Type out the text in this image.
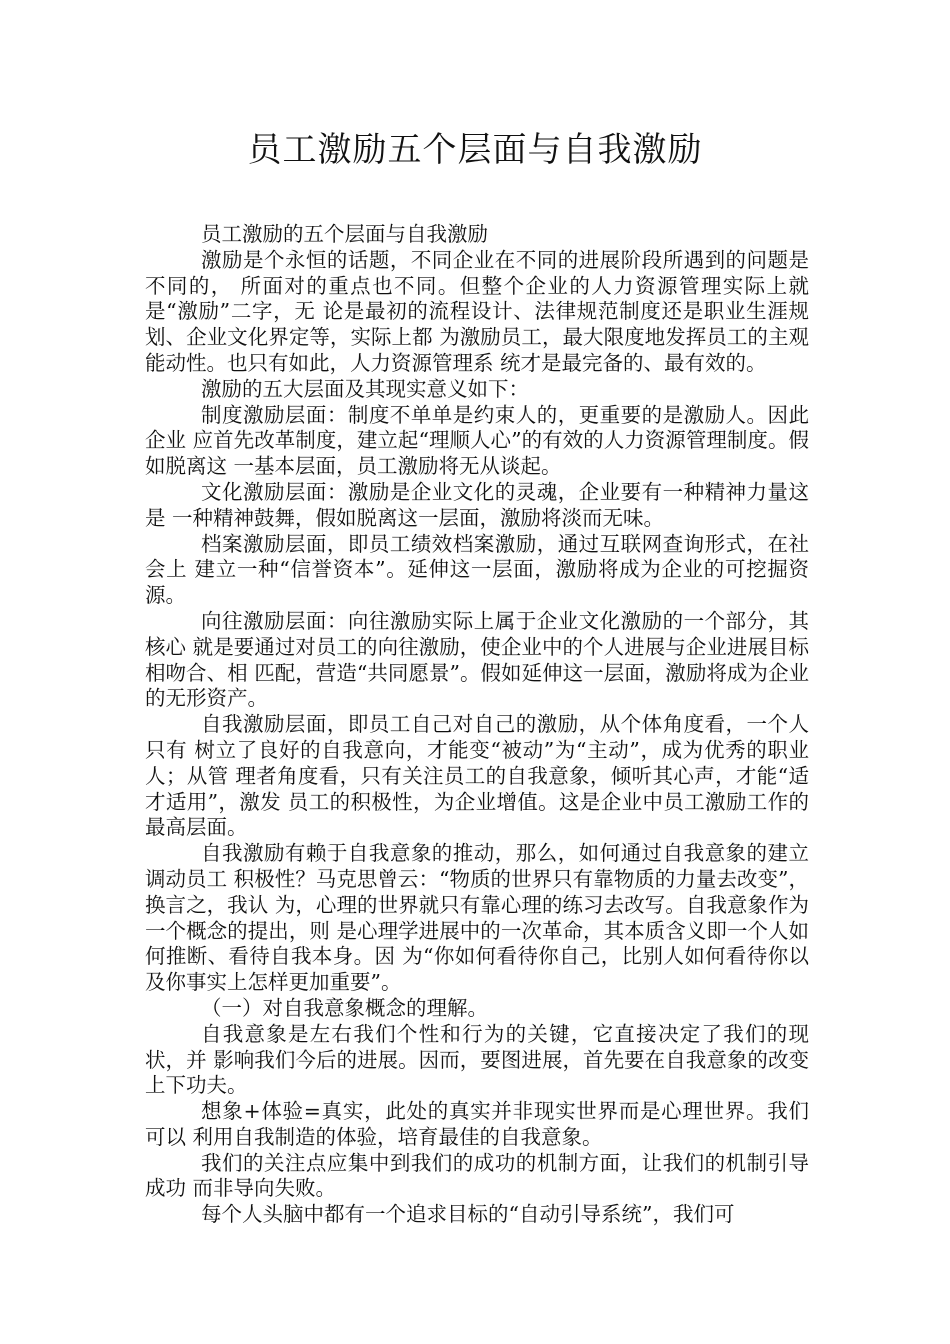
员工激励五个层面与自我激励

员工激励的五个层面与自我激励

激励是个永恒的话题，不同企业在不同的进展阶段所遇到的问题是不同的， 所面对的重点也不同。但整个企业的人力资源管理实际上就是“激励”二字，无 论是最初的流程设计、法律规范制度还是职业生涯规划、企业文化界定等，实际上都 为激励员工，最大限度地发挥员工的主观能动性。也只有如此，人力资源管理系 统才是最完备的、最有效的。

激励的五大层面及其现实意义如下：

制度激励层面：制度不单单是约束人的，更重要的是激励人。因此企业 应首先改革制度，建立起“理顺人心”的有效的人力资源管理制度。假如脱离这 一基本层面，员工激励将无从谈起。

文化激励层面：激励是企业文化的灵魂，企业要有一种精神力量这是 一种精神鼓舞，假如脱离这一层面，激励将淡而无味。

档案激励层面，即员工绩效档案激励，通过互联网查询形式，在社会上 建立一种“信誉资本”。延伸这一层面，激励将成为企业的可挖掘资源。

向往激励层面：向往激励实际上属于企业文化激励的一个部分，其核心 就是要通过对员工的向往激励，使企业中的个人进展与企业进展目标相吻合、相 匹配，营造“共同愿景”。假如延伸这一层面，激励将成为企业的无形资产。

自我激励层面，即员工自己对自己的激励，从个体角度看，一个人只有 树立了良好的自我意向，才能变“被动”为“主动”，成为优秀的职业人；从管 理者角度看，只有关注员工的自我意象，倾听其心声，才能“适才适用”，激发 员工的积极性，为企业增值。这是企业中员工激励工作的最高层面。

自我激励有赖于自我意象的推动，那么，如何通过自我意象的建立调动员工 积极性？马克思曾云：“物质的世界只有靠物质的力量去改变”，换言之，我认 为，心理的世界就只有靠心理的练习去改写。自我意象作为一个概念的提出，则 是心理学进展中的一次革命，其本质含义即一个人如何推断、看待自我本身。因 为“你如何看待你自己，比别人如何看待你以及你事实上怎样更加重要”。

（一）对自我意象概念的理解。

自我意象是左右我们个性和行为的关键，它直接决定了我们的现状，并 影响我们今后的进展。因而，要图进展，首先要在自我意象的改变上下功夫。

想象+体验=真实，此处的真实并非现实世界而是心理世界。我们可以 利用自我制造的体验，培育最佳的自我意象。

我们的关注点应集中到我们的成功的机制方面，让我们的机制引导成功 而非导向失败。

每个人头脑中都有一个追求目标的“自动引导系统”，我们可
